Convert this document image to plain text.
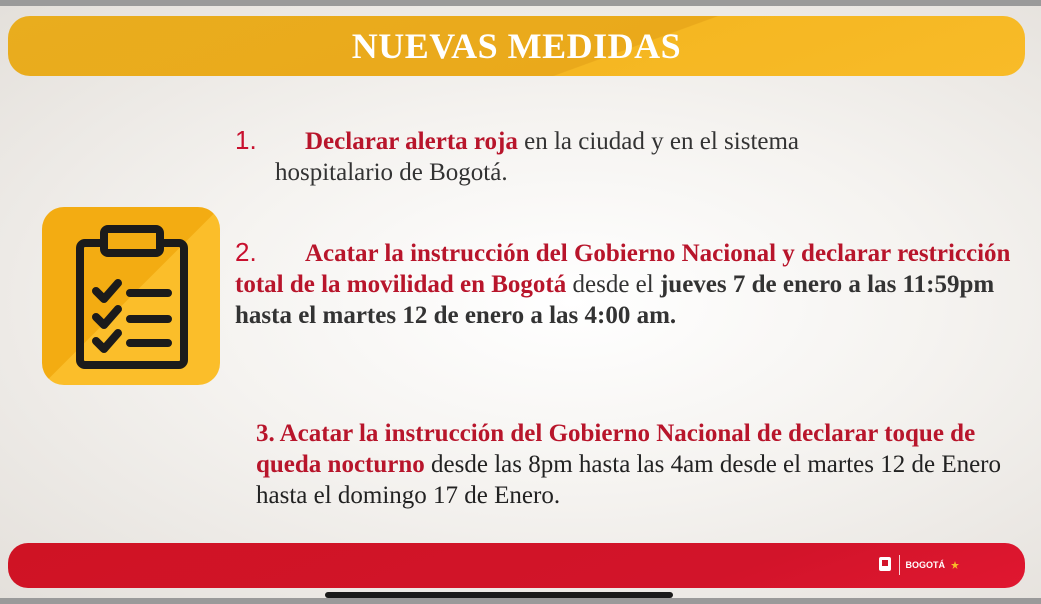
NUEVAS MEDIDAS
1. Declarar alerta roja en la ciudad y en el sistema
hospitalario de Bogotá.
2. Acatar la instrucción del Gobierno Nacional y declarar restricción total de la movilidad en Bogotá desde el jueves 7 de enero a las 11:59pm hasta el martes 12 de enero a las 4:00 am.
3. Acatar la instrucción del Gobierno Nacional de declarar toque de queda nocturno desde las 8pm hasta las 4am desde el martes 12 de Enero hasta el domingo 17 de Enero.
BOGOTÁ
